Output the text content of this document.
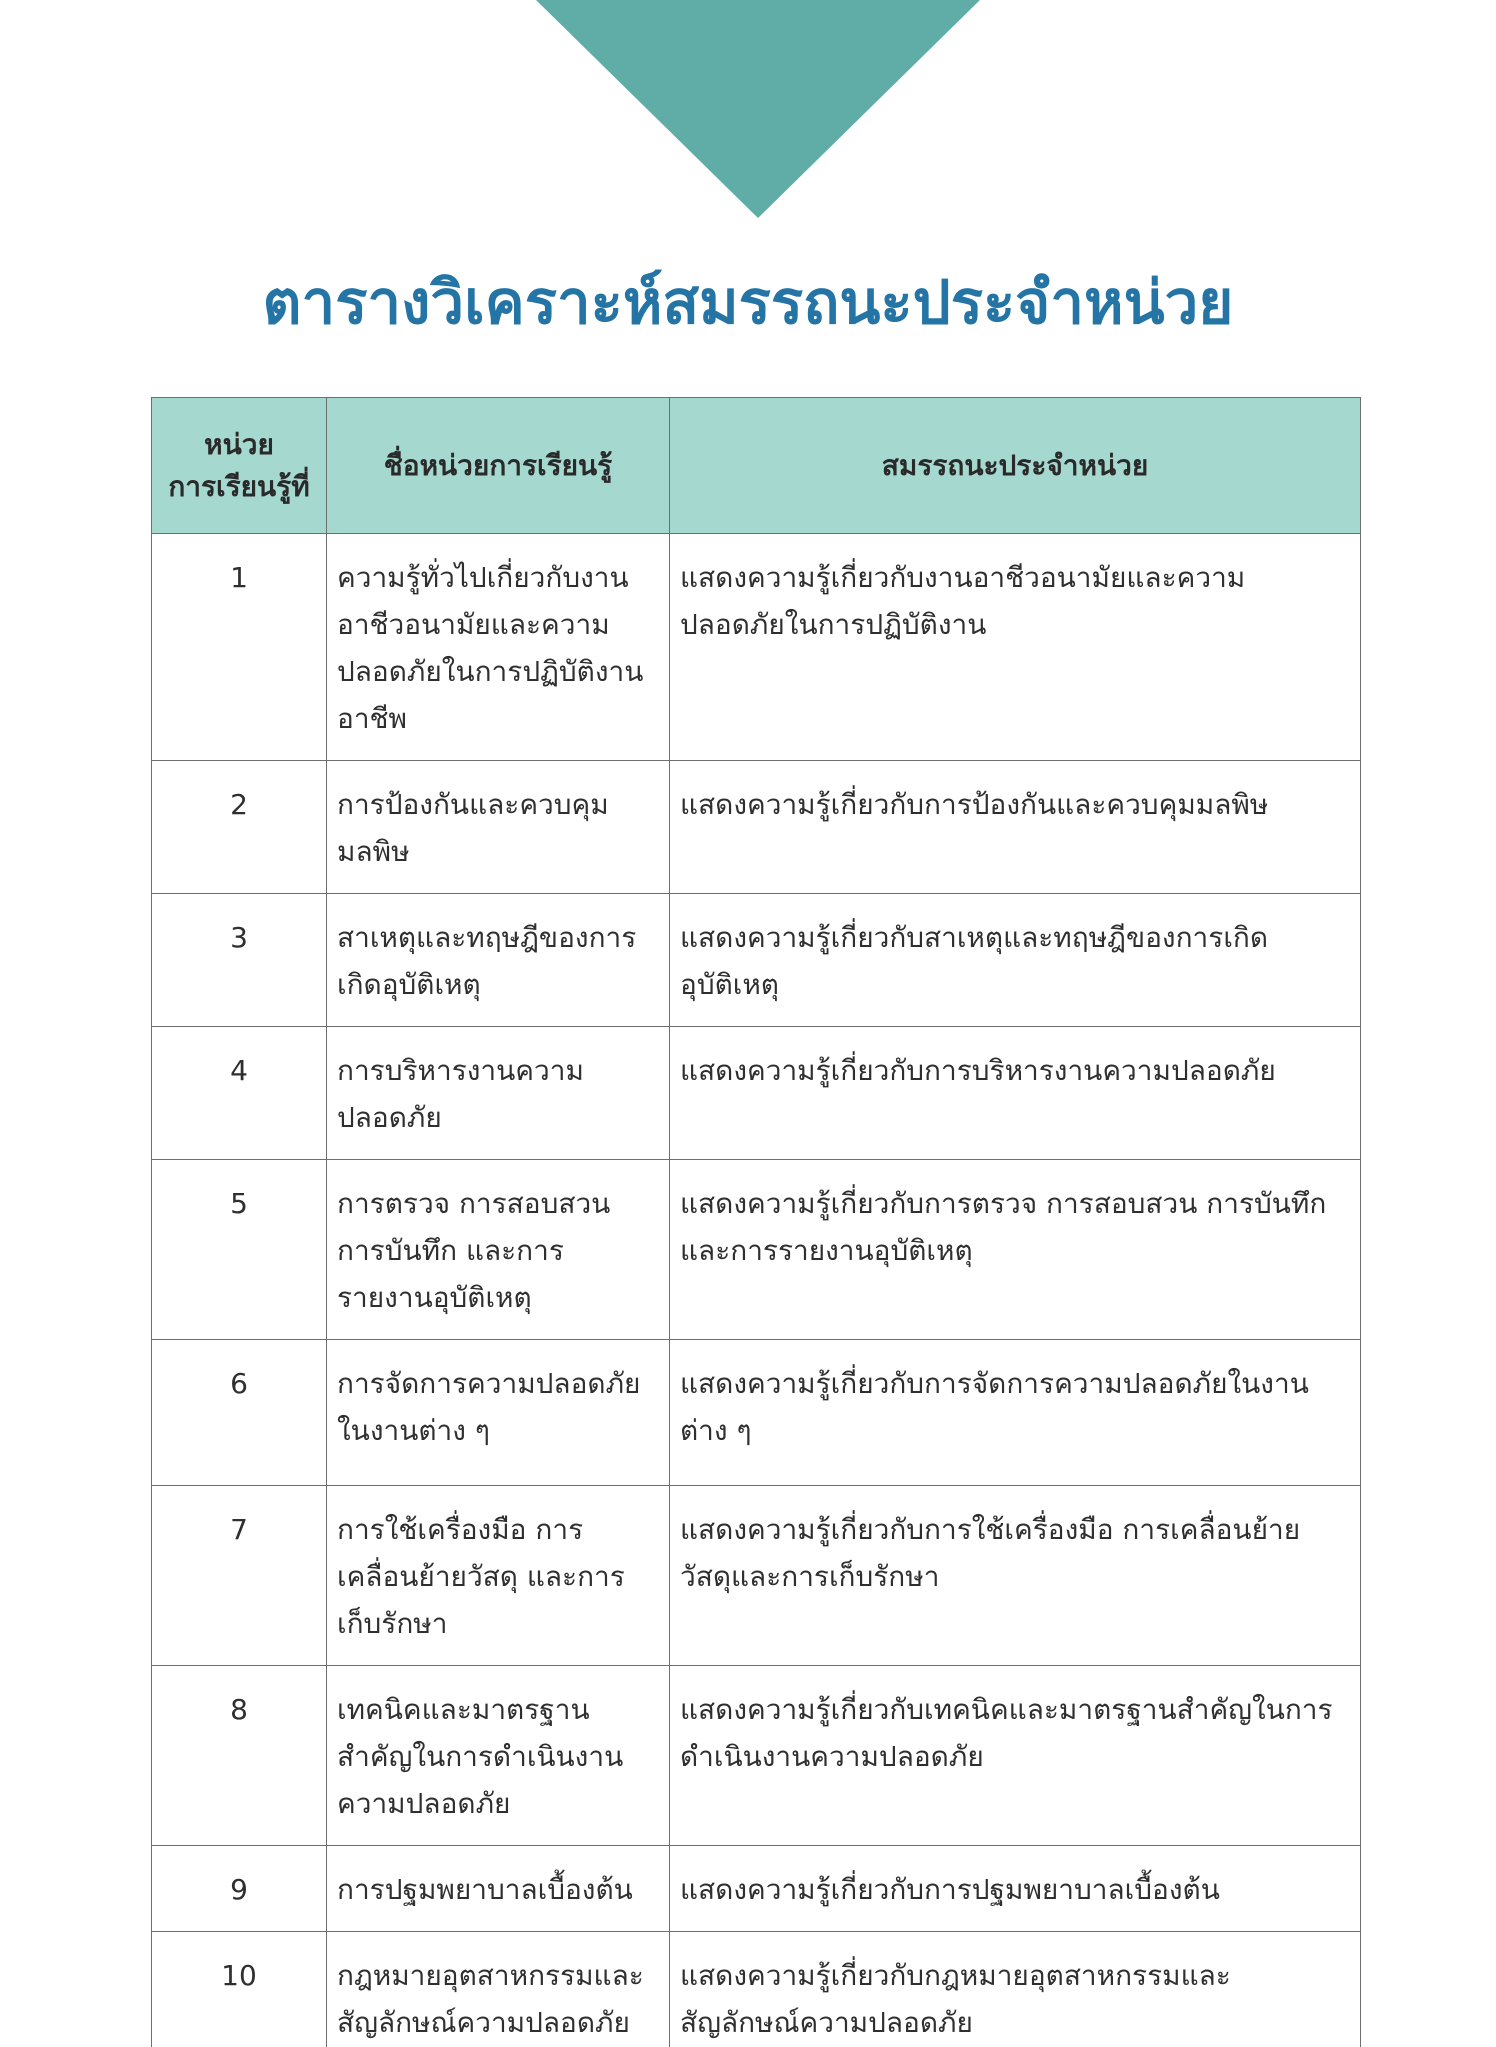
ตารางวิเคราะห์สมรรถนะประจำหน่วย
หน่วย
การเรียนรู้ที่	ชื่อหน่วยการเรียนรู้	สมรรถนะประจำหน่วย
1	ความรู้ทั่วไปเกี่ยวกับงานอาชีวอนามัยและความปลอดภัยในการปฏิบัติงานอาชีพ	แสดงความรู้เกี่ยวกับงานอาชีวอนามัยและความปลอดภัยในการปฏิบัติงาน
2	การป้องกันและควบคุมมลพิษ	แสดงความรู้เกี่ยวกับการป้องกันและควบคุมมลพิษ
3	สาเหตุและทฤษฎีของการเกิดอุบัติเหตุ	แสดงความรู้เกี่ยวกับสาเหตุและทฤษฎีของการเกิดอุบัติเหตุ
4	การบริหารงานความปลอดภัย	แสดงความรู้เกี่ยวกับการบริหารงานความปลอดภัย
5	การตรวจ การสอบสวน การบันทึก และการรายงานอุบัติเหตุ	แสดงความรู้เกี่ยวกับการตรวจ การสอบสวน การบันทึกและการรายงานอุบัติเหตุ
6	การจัดการความปลอดภัยในงานต่าง ๆ	แสดงความรู้เกี่ยวกับการจัดการความปลอดภัยในงานต่าง ๆ
7	การใช้เครื่องมือ การเคลื่อนย้ายวัสดุ และการเก็บรักษา	แสดงความรู้เกี่ยวกับการใช้เครื่องมือ การเคลื่อนย้ายวัสดุและการเก็บรักษา
8	เทคนิคและมาตรฐานสำคัญในการดำเนินงานความปลอดภัย	แสดงความรู้เกี่ยวกับเทคนิคและมาตรฐานสำคัญในการดำเนินงานความปลอดภัย
9	การปฐมพยาบาลเบื้องต้น	แสดงความรู้เกี่ยวกับการปฐมพยาบาลเบื้องต้น
10	กฎหมายอุตสาหกรรมและสัญลักษณ์ความปลอดภัย	แสดงความรู้เกี่ยวกับกฎหมายอุตสาหกรรมและสัญลักษณ์ความปลอดภัย
